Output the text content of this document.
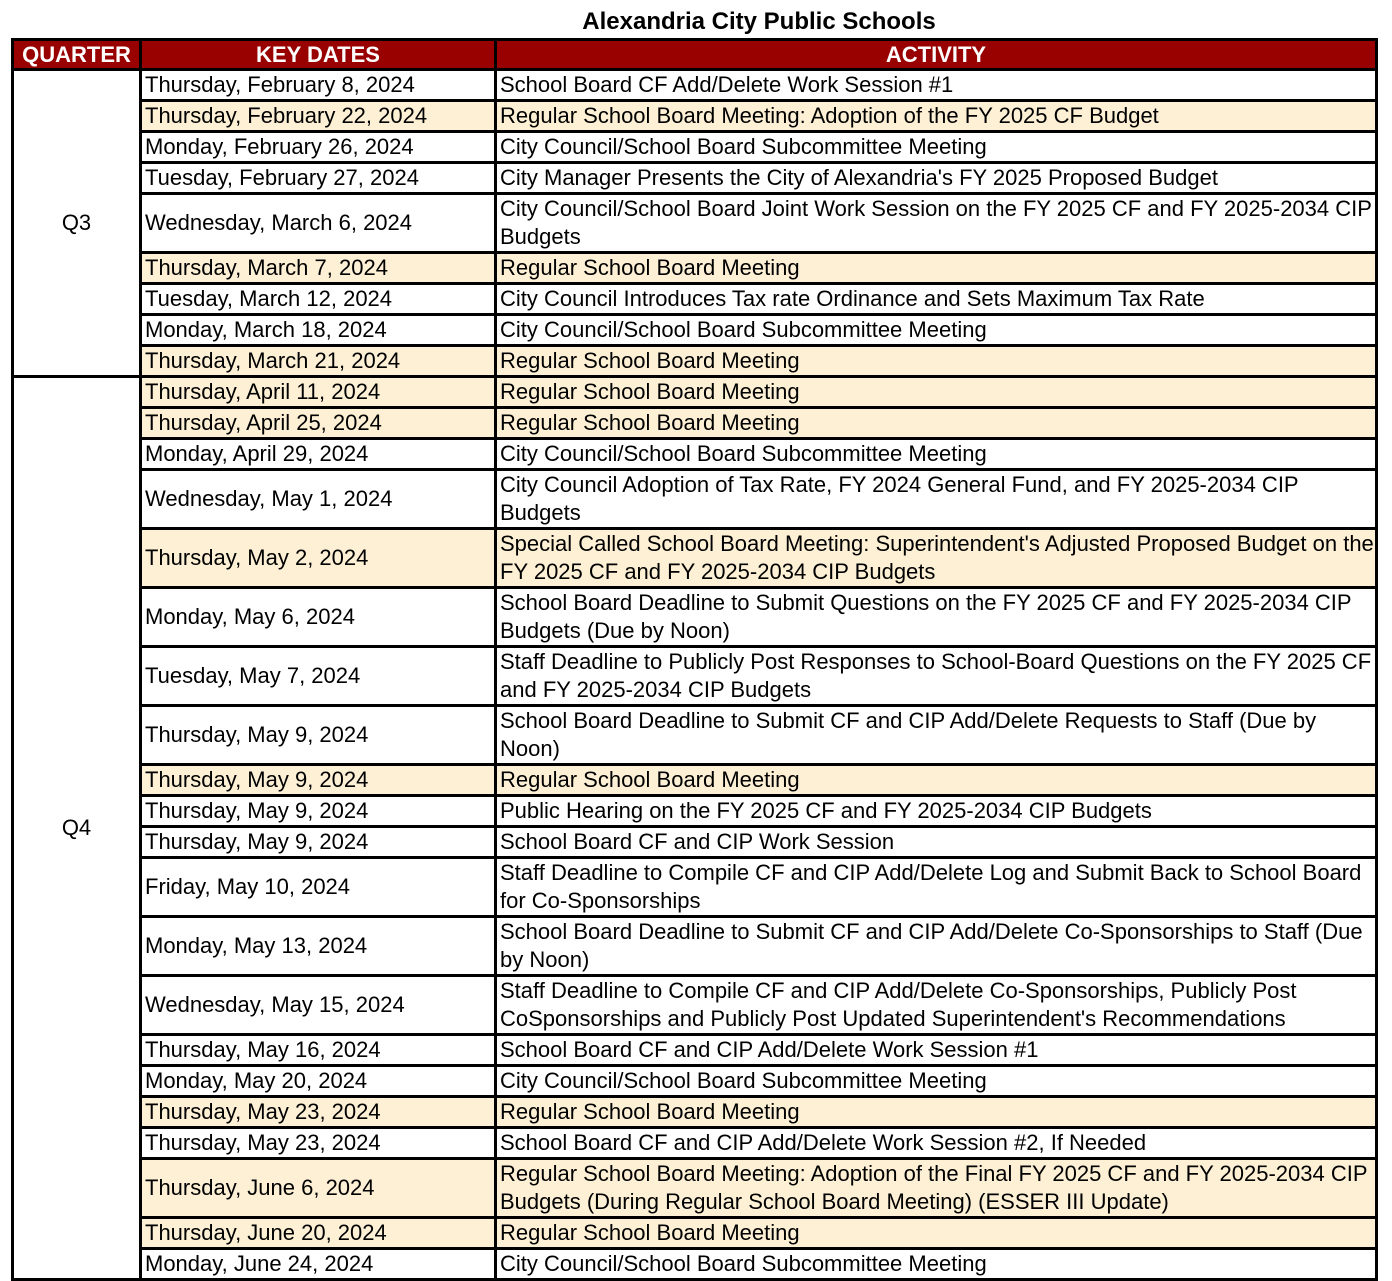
Alexandria City Public Schools
QUARTER	KEY DATES	ACTIVITY
Q3	Thursday, February 8, 2024	School Board CF Add/Delete Work Session #1
	Thursday, February 22, 2024	Regular School Board Meeting: Adoption of the FY 2025 CF Budget
	Monday, February 26, 2024	City Council/School Board Subcommittee Meeting
	Tuesday, February 27, 2024	City Manager Presents the City of Alexandria's FY 2025 Proposed Budget
	Wednesday, March 6, 2024	City Council/School Board Joint Work Session on the FY 2025 CF and FY 2025-2034 CIP Budgets
	Thursday, March 7, 2024	Regular School Board Meeting
	Tuesday, March 12, 2024	City Council Introduces Tax rate Ordinance and Sets Maximum Tax Rate
	Monday, March 18, 2024	City Council/School Board Subcommittee Meeting
	Thursday, March 21, 2024	Regular School Board Meeting
Q4	Thursday, April 11, 2024	Regular School Board Meeting
	Thursday, April 25, 2024	Regular School Board Meeting
	Monday, April 29, 2024	City Council/School Board Subcommittee Meeting
	Wednesday, May 1, 2024	City Council Adoption of Tax Rate, FY 2024 General Fund, and FY 2025-2034 CIP Budgets
	Thursday, May 2, 2024	Special Called School Board Meeting: Superintendent's Adjusted Proposed Budget on the FY 2025 CF and FY 2025-2034 CIP Budgets
	Monday, May 6, 2024	School Board Deadline to Submit Questions on the FY 2025 CF and FY 2025-2034 CIP Budgets (Due by Noon)
	Tuesday, May 7, 2024	Staff Deadline to Publicly Post Responses to School-Board Questions on the FY 2025 CF and FY 2025-2034 CIP Budgets
	Thursday, May 9, 2024	School Board Deadline to Submit CF and CIP Add/Delete Requests to Staff (Due by Noon)
	Thursday, May 9, 2024	Regular School Board Meeting
	Thursday, May 9, 2024	Public Hearing on the FY 2025 CF and FY 2025-2034 CIP Budgets
	Thursday, May 9, 2024	School Board CF and CIP Work Session
	Friday, May 10, 2024	Staff Deadline to Compile CF and CIP Add/Delete Log and Submit Back to School Board for Co-Sponsorships
	Monday, May 13, 2024	School Board Deadline to Submit CF and CIP Add/Delete Co-Sponsorships to Staff (Due by Noon)
	Wednesday, May 15, 2024	Staff Deadline to Compile CF and CIP Add/Delete Co-Sponsorships, Publicly Post CoSponsorships and Publicly Post Updated Superintendent's Recommendations
	Thursday, May 16, 2024	School Board CF and CIP Add/Delete Work Session #1
	Monday, May 20, 2024	City Council/School Board Subcommittee Meeting
	Thursday, May 23, 2024	Regular School Board Meeting
	Thursday, May 23, 2024	School Board CF and CIP Add/Delete Work Session #2, If Needed
	Thursday, June 6, 2024	Regular School Board Meeting: Adoption of the Final FY 2025 CF and FY 2025-2034 CIP Budgets (During Regular School Board Meeting) (ESSER III Update)
	Thursday, June 20, 2024	Regular School Board Meeting
	Monday, June 24, 2024	City Council/School Board Subcommittee Meeting
